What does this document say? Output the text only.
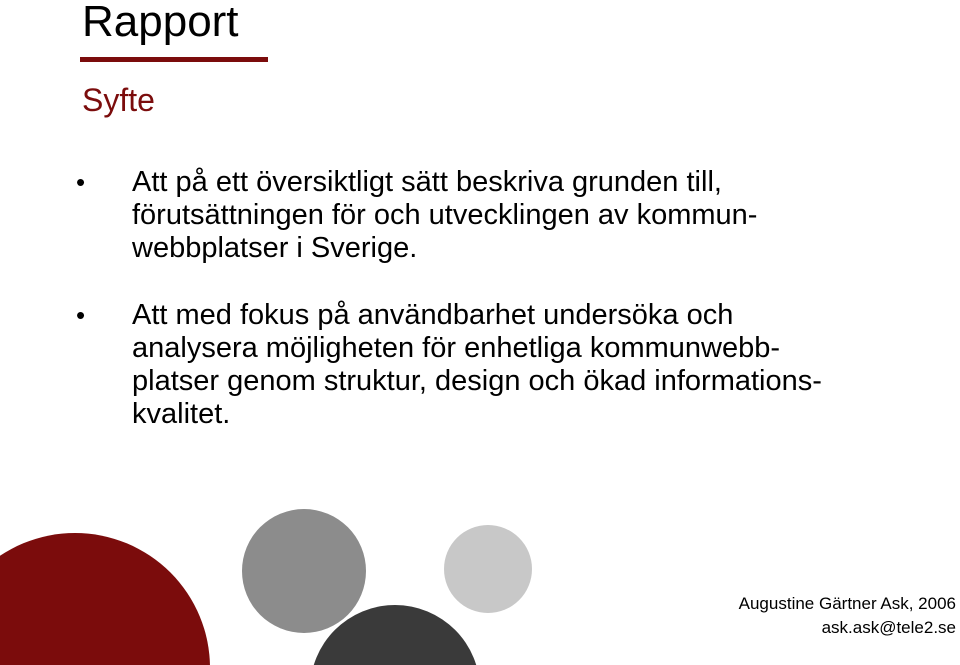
Rapport
Syfte
• Att på ett översiktligt sätt beskriva grunden till,
förutsättningen för och utvecklingen av kommun-
webbplatser i Sverige.
• Att med fokus på användbarhet undersöka och
analysera möjligheten för enhetliga kommunwebb-
platser genom struktur, design och ökad informations-
kvalitet.
Augustine Gärtner Ask, 2006
ask.ask@tele2.se
